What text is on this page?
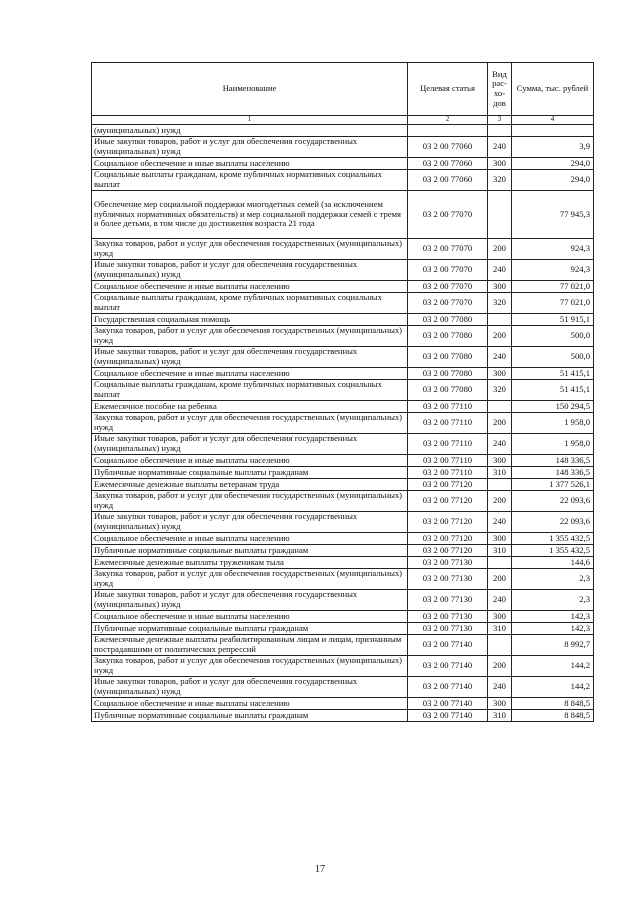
Наименование	Целевая статья	Вид рас- хо- дов	Сумма, тыс. рублей
1	2	3	4
(муниципальных) нужд			
Иные закупки товаров, работ и услуг для обеспечения государственных (муниципальных) нужд	03 2 00 77060	240	3,9
Социальное обеспечение и иные выплаты населению	03 2 00 77060	300	294,0
Социальные выплаты гражданам, кроме публичных нормативных социальных выплат	03 2 00 77060	320	294,0
Обеспечение мер социальной поддержки многодетных семей (за исключением публичных нормативных обязательств) и мер социальной поддержки семей с тремя и более детьми, в том числе до достижения возраста 21 года	03 2 00 77070		77 945,3
Закупка товаров, работ и услуг для обеспечения государственных (муниципальных) нужд	03 2 00 77070	200	924,3
Иные закупки товаров, работ и услуг для обеспечения государственных (муниципальных) нужд	03 2 00 77070	240	924,3
Социальное обеспечение и иные выплаты населению	03 2 00 77070	300	77 021,0
Социальные выплаты гражданам, кроме публичных нормативных социальных выплат	03 2 00 77070	320	77 021,0
Государственная социальная помощь	03 2 00 77080		51 915,1
Закупка товаров, работ и услуг для обеспечения государственных (муниципальных) нужд	03 2 00 77080	200	500,0
Иные закупки товаров, работ и услуг для обеспечения государственных (муниципальных) нужд	03 2 00 77080	240	500,0
Социальное обеспечение и иные выплаты населению	03 2 00 77080	300	51 415,1
Социальные выплаты гражданам, кроме публичных нормативных социальных выплат	03 2 00 77080	320	51 415,1
Ежемесячное пособие на ребенка	03 2 00 77110		150 294,5
Закупка товаров, работ и услуг для обеспечения государственных (муниципальных) нужд	03 2 00 77110	200	1 958,0
Иные закупки товаров, работ и услуг для обеспечения государственных (муниципальных) нужд	03 2 00 77110	240	1 958,0
Социальное обеспечение и иные выплаты населению	03 2 00 77110	300	148 336,5
Публичные нормативные социальные выплаты гражданам	03 2 00 77110	310	148 336,5
Ежемесячные денежные выплаты ветеранам труда	03 2 00 77120		1 377 526,1
Закупка товаров, работ и услуг для обеспечения государственных (муниципальных) нужд	03 2 00 77120	200	22 093,6
Иные закупки товаров, работ и услуг для обеспечения государственных (муниципальных) нужд	03 2 00 77120	240	22 093,6
Социальное обеспечение и иные выплаты населению	03 2 00 77120	300	1 355 432,5
Публичные нормативные социальные выплаты гражданам	03 2 00 77120	310	1 355 432,5
Ежемесячные денежные выплаты труженикам тыла	03 2 00 77130		144,6
Закупка товаров, работ и услуг для обеспечения государственных (муниципальных) нужд	03 2 00 77130	200	2,3
Иные закупки товаров, работ и услуг для обеспечения государственных (муниципальных) нужд	03 2 00 77130	240	2,3
Социальное обеспечение и иные выплаты населению	03 2 00 77130	300	142,3
Публичные нормативные социальные выплаты гражданам	03 2 00 77130	310	142,3
Ежемесячные денежные выплаты реабилитированным лицам и лицам, признанным пострадавшими от политических репрессий	03 2 00 77140		8 992,7
Закупка товаров, работ и услуг для обеспечения государственных (муниципальных) нужд	03 2 00 77140	200	144,2
Иные закупки товаров, работ и услуг для обеспечения государственных (муниципальных) нужд	03 2 00 77140	240	144,2
Социальное обеспечение и иные выплаты населению	03 2 00 77140	300	8 848,5
Публичные нормативные социальные выплаты гражданам	03 2 00 77140	310	8 848,5
17
